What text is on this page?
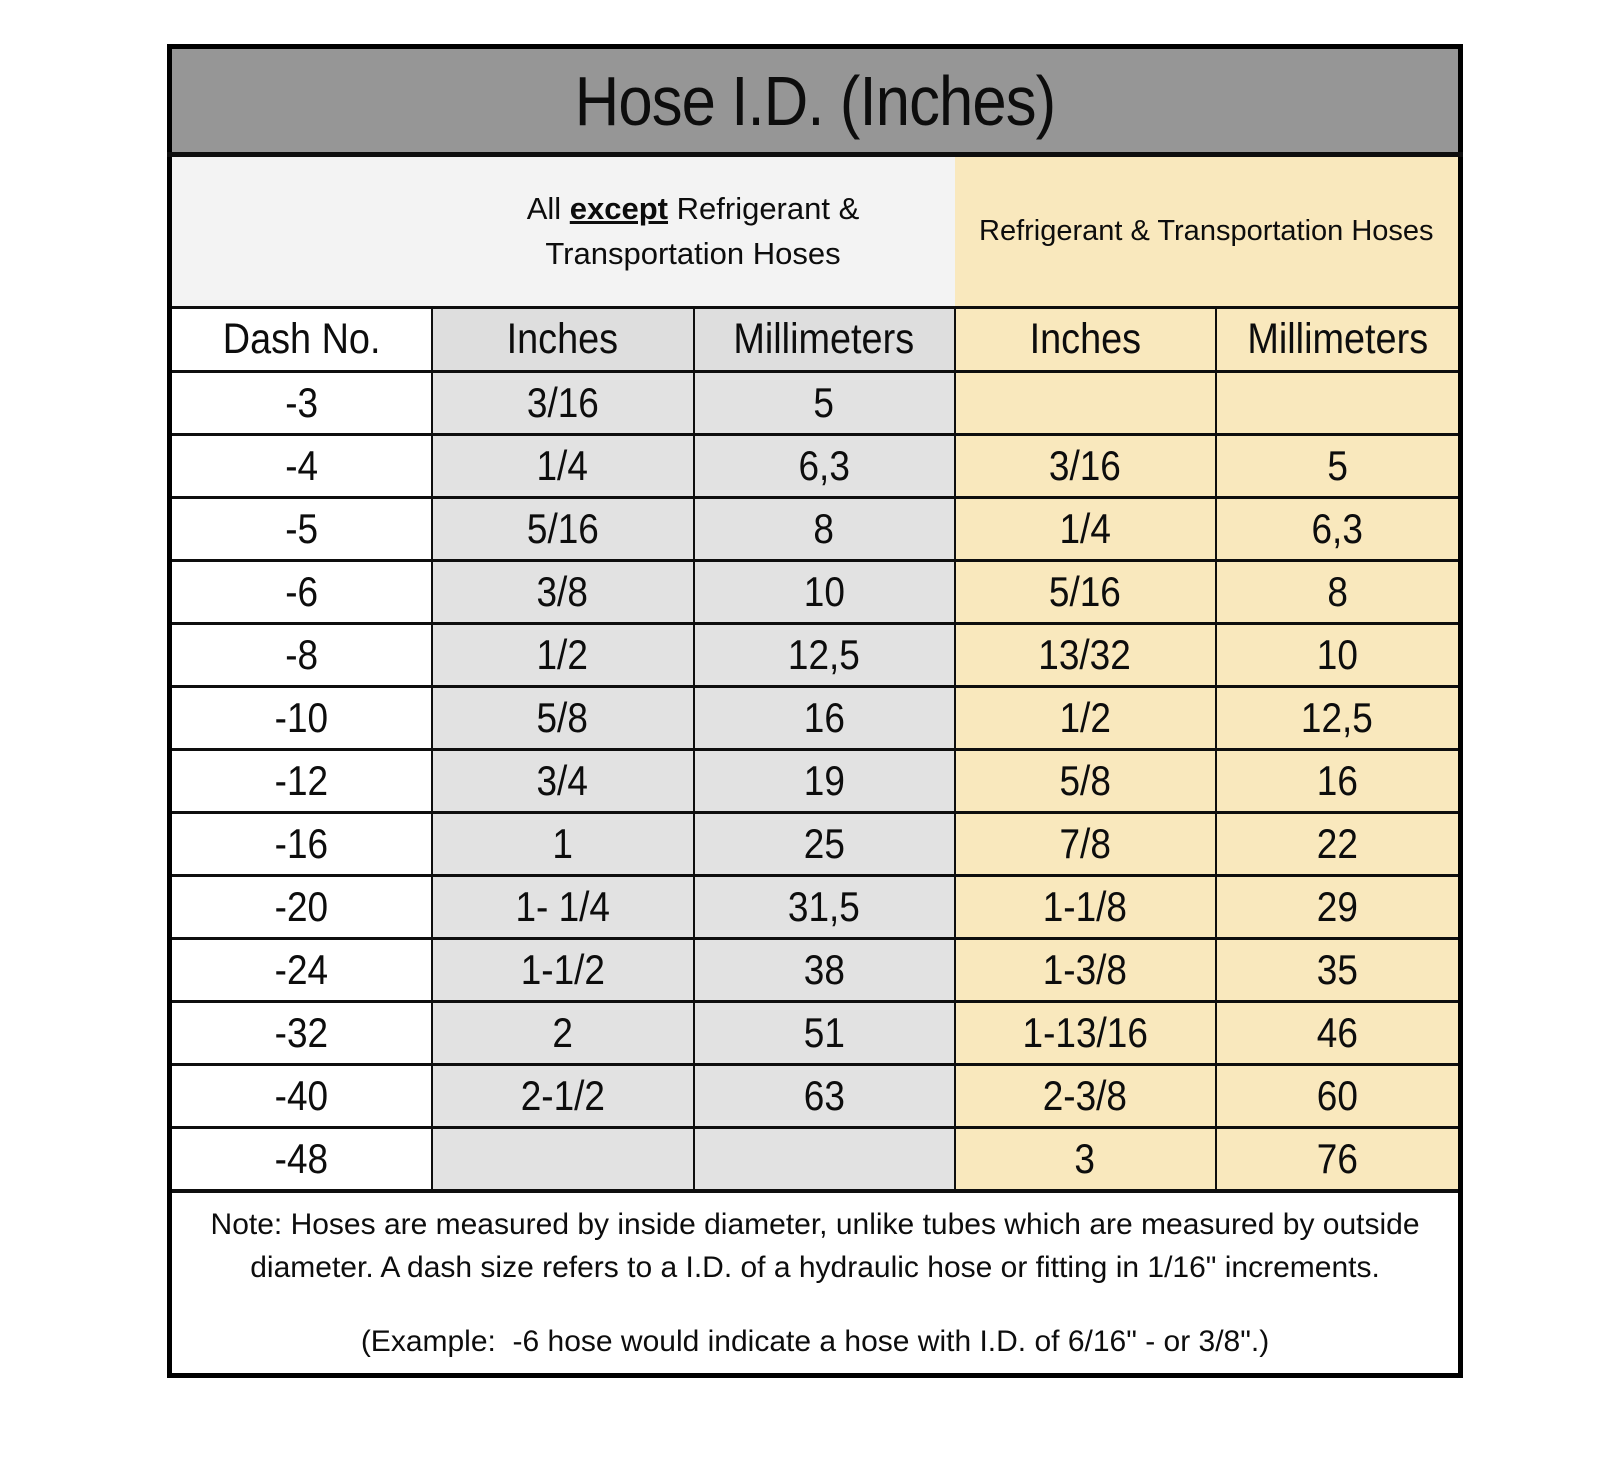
Hose I.D. (Inches)				
	All except Refrigerant &
Transportation Hoses		Refrigerant & Transportation Hoses	
Dash No.	Inches	Millimeters	Inches	Millimeters
-3	3/16	5		
-4	1/4	6,3	3/16	5
-5	5/16	8	1/4	6,3
-6	3/8	10	5/16	8
-8	1/2	12,5	13/32	10
-10	5/8	16	1/2	12,5
-12	3/4	19	5/8	16
-16	1	25	7/8	22
-20	1- 1/4	31,5	1-1/8	29
-24	1-1/2	38	1-3/8	35
-32	2	51	1-13/16	46
-40	2-1/2	63	2-3/8	60
-48			3	76

Note: Hoses are measured by inside diameter, unlike tubes which are measured by outside diameter. A dash size refers to a I.D. of a hydraulic hose or fitting in 1/16" increments.
(Example:  -6 hose would indicate a hose with I.D. of 6/16" - or 3/8".)				
